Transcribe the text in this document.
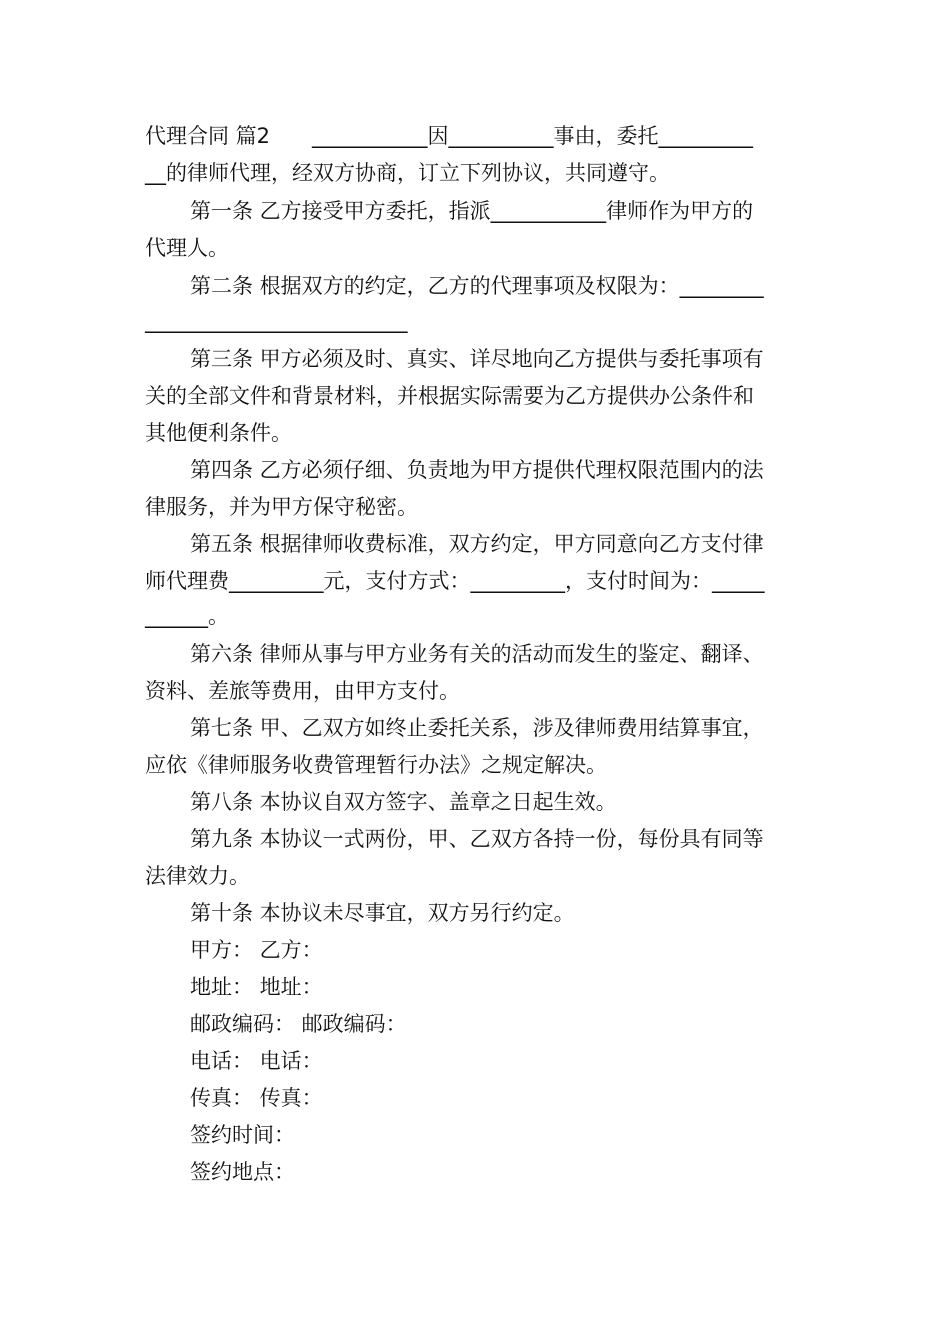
代理合同 篇2　　___________因__________事由，委托_________
__的律师代理，经双方协商，订立下列协议，共同遵守。
第一条 乙方接受甲方委托，指派___________律师作为甲方的
代理人。
第二条 根据双方的约定，乙方的代理事项及权限为：________
_________________________
第三条 甲方必须及时、真实、详尽地向乙方提供与委托事项有
关的全部文件和背景材料，并根据实际需要为乙方提供办公条件和
其他便利条件。
第四条 乙方必须仔细、负责地为甲方提供代理权限范围内的法
律服务，并为甲方保守秘密。
第五条 根据律师收费标准，双方约定，甲方同意向乙方支付律
师代理费_________元，支付方式：_________，支付时间为：_____
______。
第六条 律师从事与甲方业务有关的活动而发生的鉴定、翻译、
资料、差旅等费用，由甲方支付。
第七条 甲、乙双方如终止委托关系，涉及律师费用结算事宜，
应依《律师服务收费管理暂行办法》之规定解决。
第八条 本协议自双方签字、盖章之日起生效。
第九条 本协议一式两份，甲、乙双方各持一份，每份具有同等
法律效力。
第十条 本协议未尽事宜，双方另行约定。
甲方： 乙方：
地址： 地址：
邮政编码： 邮政编码：
电话： 电话：
传真： 传真：
签约时间：
签约地点：
